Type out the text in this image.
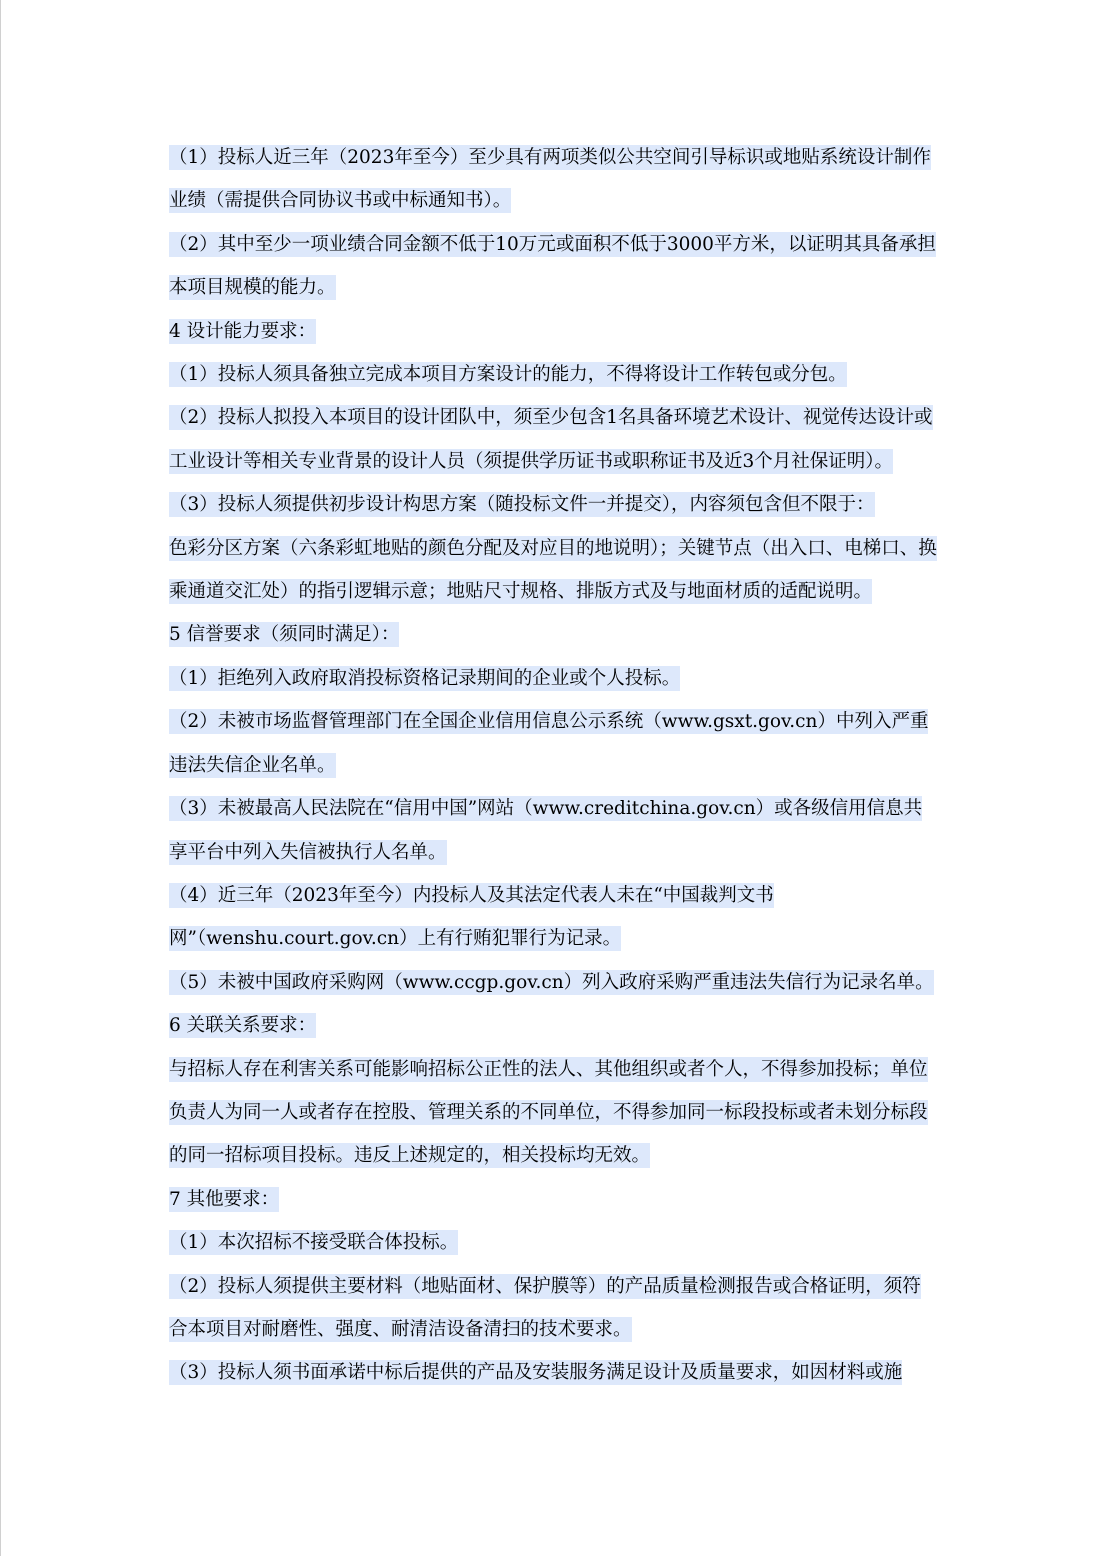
（1）投标人近三年（2023年至今）至少具有两项类似公共空间引导标识或地贴系统设计制作业绩（需提供合同协议书或中标通知书）。

（2）其中至少一项业绩合同金额不低于10万元或面积不低于3000平方米，以证明其具备承担本项目规模的能力。

4 设计能力要求：

（1）投标人须具备独立完成本项目方案设计的能力，不得将设计工作转包或分包。

（2）投标人拟投入本项目的设计团队中，须至少包含1名具备环境艺术设计、视觉传达设计或工业设计等相关专业背景的设计人员（须提供学历证书或职称证书及近3个月社保证明）。

（3）投标人须提供初步设计构思方案（随投标文件一并提交），内容须包含但不限于：

色彩分区方案（六条彩虹地贴的颜色分配及对应目的地说明）；关键节点（出入口、电梯口、换乘通道交汇处）的指引逻辑示意；地贴尺寸规格、排版方式及与地面材质的适配说明。

5 信誉要求（须同时满足）：

（1）拒绝列入政府取消投标资格记录期间的企业或个人投标。

（2）未被市场监督管理部门在全国企业信用信息公示系统（www.gsxt.gov.cn）中列入严重违法失信企业名单。

（3）未被最高人民法院在“信用中国”网站（www.creditchina.gov.cn）或各级信用信息共享平台中列入失信被执行人名单。

（4）近三年（2023年至今）内投标人及其法定代表人未在“中国裁判文书网”（wenshu.court.gov.cn）上有行贿犯罪行为记录。

（5）未被中国政府采购网（www.ccgp.gov.cn）列入政府采购严重违法失信行为记录名单。

6 关联关系要求：

与招标人存在利害关系可能影响招标公正性的法人、其他组织或者个人，不得参加投标；单位负责人为同一人或者存在控股、管理关系的不同单位，不得参加同一标段投标或者未划分标段的同一招标项目投标。违反上述规定的，相关投标均无效。

7 其他要求：

（1）本次招标不接受联合体投标。

（2）投标人须提供主要材料（地贴面材、保护膜等）的产品质量检测报告或合格证明，须符合本项目对耐磨性、强度、耐清洁设备清扫的技术要求。

（3）投标人须书面承诺中标后提供的产品及安装服务满足设计及质量要求，如因材料或施
